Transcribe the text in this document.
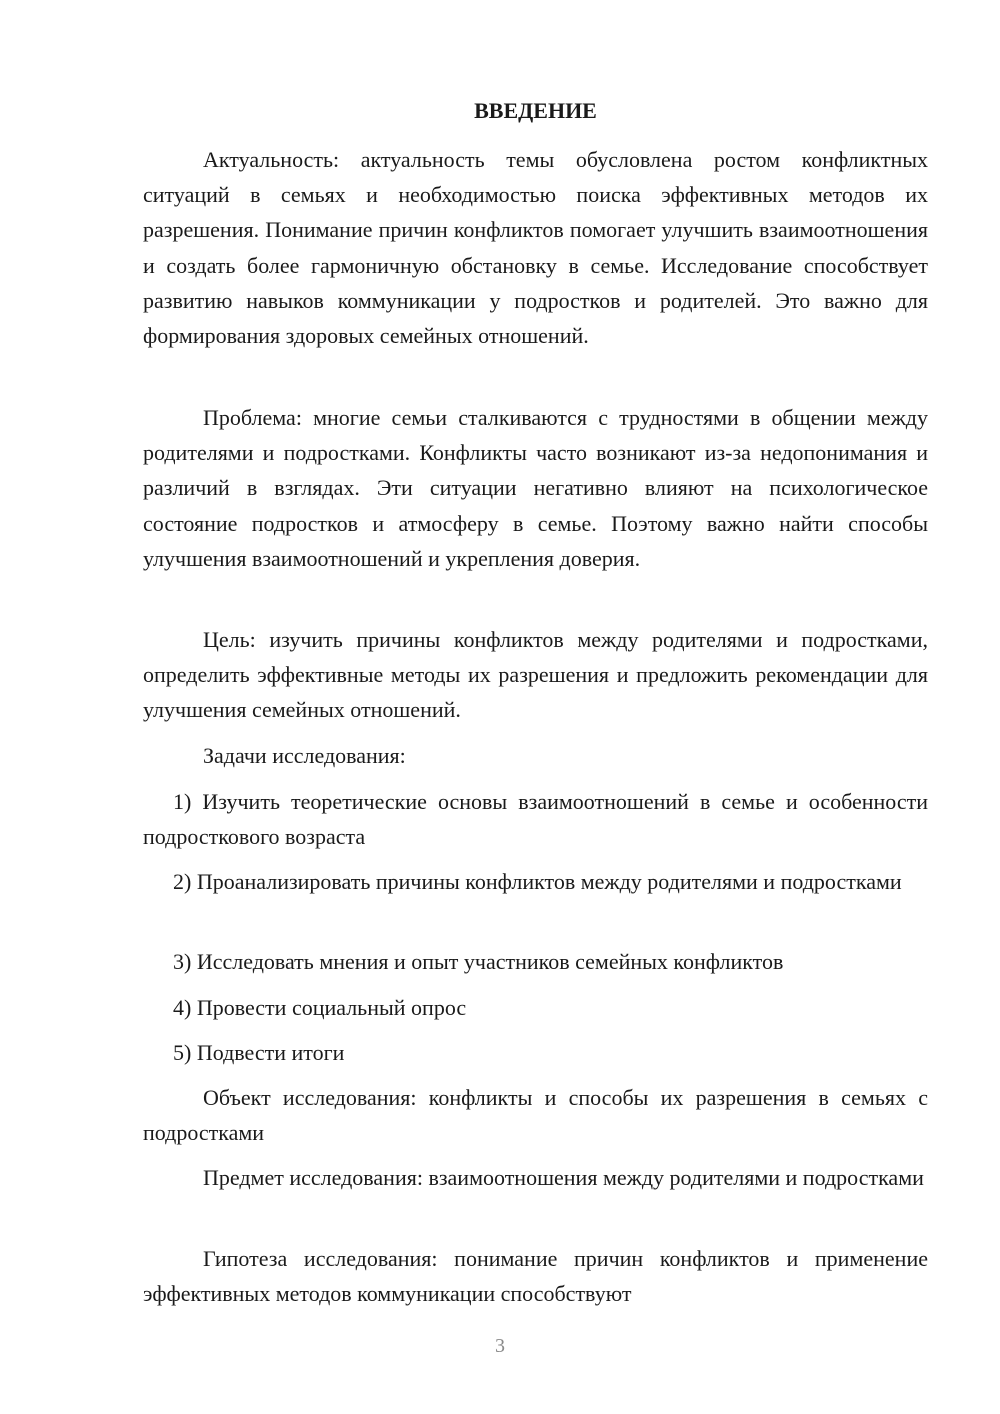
ВВЕДЕНИЕ

Актуальность: актуальность темы обусловлена ростом конфликтных ситуаций в семьях и необходимостью поиска эффективных методов их разрешения. Понимание причин конфликтов помогает улучшить взаимоотношения и создать более гармоничную обстановку в семье. Исследование способствует развитию навыков коммуникации у подростков и родителей. Это важно для формирования здоровых семейных отношений.

Проблема: многие семьи сталкиваются с трудностями в общении между родителями и подростками. Конфликты часто возникают из-за недопонимания и различий в взглядах. Эти ситуации негативно влияют на психологическое состояние подростков и атмосферу в семье. Поэтому важно найти способы улучшения взаимоотношений и укрепления доверия.

Цель: изучить причины конфликтов между родителями и подростками, определить эффективные методы их разрешения и предложить рекомендации для улучшения семейных отношений.

Задачи исследования:

1) Изучить теоретические основы взаимоотношений в семье и особенности подросткового возраста

2) Проанализировать причины конфликтов между родителями и подростками

3) Исследовать мнения и опыт участников семейных конфликтов

4) Провести социальный опрос

5) Подвести итоги

Объект исследования: конфликты и способы их разрешения в семьях с подростками

Предмет исследования: взаимоотношения между родителями и подростками

Гипотеза исследования: понимание причин конфликтов и применение эффективных методов коммуникации способствуют

3
